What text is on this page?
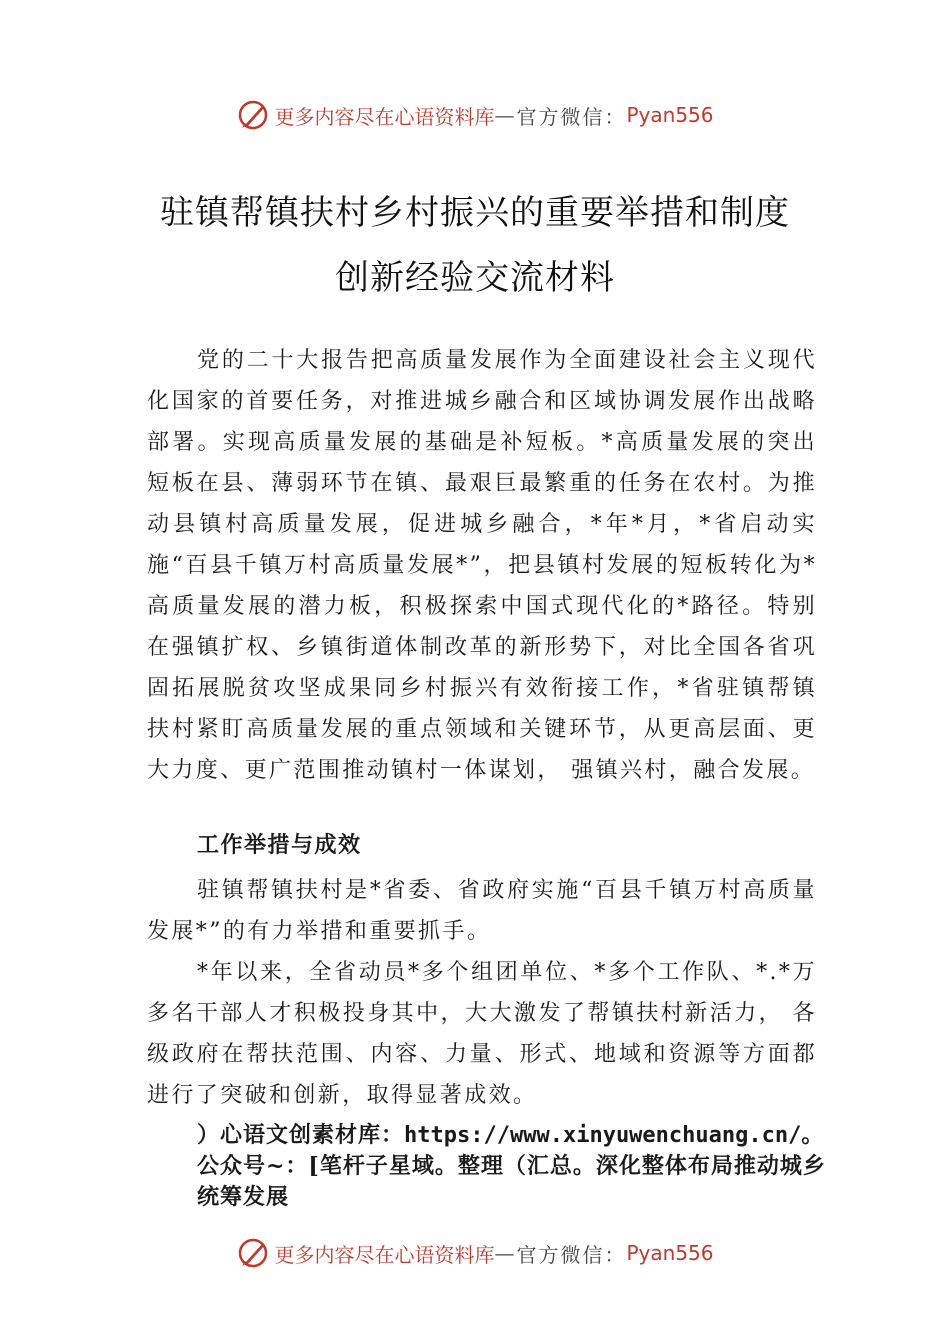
更多内容尽在心语资料库 — 官方微信： Pyan556
驻镇帮镇扶村乡村振兴的重要举措和制度
创新经验交流材料

党的二十大报告把高质量发展作为全面建设社会主义现代化国家的首要任务，对推进城乡融合和区域协调发展作出战略部署。实现高质量发展的基础是补短板。*高质量发展的突出短板在县、薄弱环节在镇、最艰巨最繁重的任务在农村。为推动县镇村高质量发展，促进城乡融合，*年*月，*省启动实施“百县千镇万村高质量发展*”，把县镇村发展的短板转化为*高质量发展的潜力板，积极探索中国式现代化的*路径。特别在强镇扩权、乡镇街道体制改革的新形势下，对比全国各省巩固拓展脱贫攻坚成果同乡村振兴有效衔接工作，*省驻镇帮镇扶村紧盯高质量发展的重点领域和关键环节，从更高层面、更大力度、更广范围推动镇村一体谋划， 强镇兴村，融合发展。

工作举措与成效

驻镇帮镇扶村是*省委、省政府实施“百县千镇万村高质量发展*”的有力举措和重要抓手。

*年以来，全省动员*多个组团单位、*多个工作队、*.*万多名干部人才积极投身其中，大大激发了帮镇扶村新活力， 各级政府在帮扶范围、内容、力量、形式、地域和资源等方面都进行了突破和创新，取得显著成效。

）心语文创素材库：https://www.xinyuwenchuang.cn/。公众号~：[笔杆子星域。整理（汇总。深化整体布局推动城乡统筹发展

更多内容尽在心语资料库 — 官方微信： Pyan556
